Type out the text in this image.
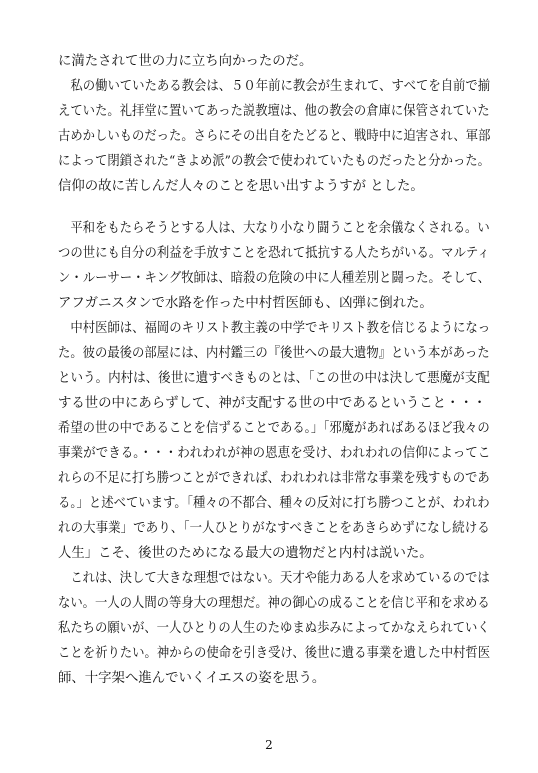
に満たされて世の力に立ち向かったのだ。

　私の働いていたある教会は、５０年前に教会が生まれて、すべてを自前で揃
えていた。礼拝堂に置いてあった説教壇は、他の教会の倉庫に保管されていた
古めかしいものだった。さらにその出自をたどると、戦時中に迫害され、軍部
によって閉鎖された“きよめ派”の教会で使われていたものだったと分かった。
信仰の故に苦しんだ人々のことを思い出すようすが とした。

　平和をもたらそうとする人は、大なり小なり闘うことを余儀なくされる。い
つの世にも自分の利益を手放すことを恐れて抵抗する人たちがいる。マルティ
ン・ルーサー・キング牧師は、暗殺の危険の中に人種差別と闘った。そして、
アフガニスタンで水路を作った中村哲医師も、凶弾に倒れた。

　中村医師は、福岡のキリスト教主義の中学でキリスト教を信じるようになっ
た。彼の最後の部屋には、内村鑑三の『後世への最大遺物』という本があった
という。内村は、後世に遺すべきものとは、「この世の中は決して悪魔が支配
する世の中にあらずして、神が支配する世の中であるということ・・・
希望の世の中であることを信ずることである。」「邪魔があればあるほど我々の
事業ができる。・・・われわれが神の恩恵を受け、われわれの信仰によってこ
れらの不足に打ち勝つことができれば、われわれは非常な事業を残すものであ
る。」と述べています。「種々の不都合、種々の反対に打ち勝つことが、われわ
れの大事業」であり、「一人ひとりがなすべきことをあきらめずになし続ける
人生」こそ、後世のためになる最大の遺物だと内村は説いた。

　これは、決して大きな理想ではない。天才や能力ある人を求めているのでは
ない。一人の人間の等身大の理想だ。神の御心の成ることを信じ平和を求める
私たちの願いが、一人ひとりの人生のたゆまぬ歩みによってかなえられていく
ことを祈りたい。神からの使命を引き受け、後世に遺る事業を遺した中村哲医
師、十字架へ進んでいくイエスの姿を思う。

2
